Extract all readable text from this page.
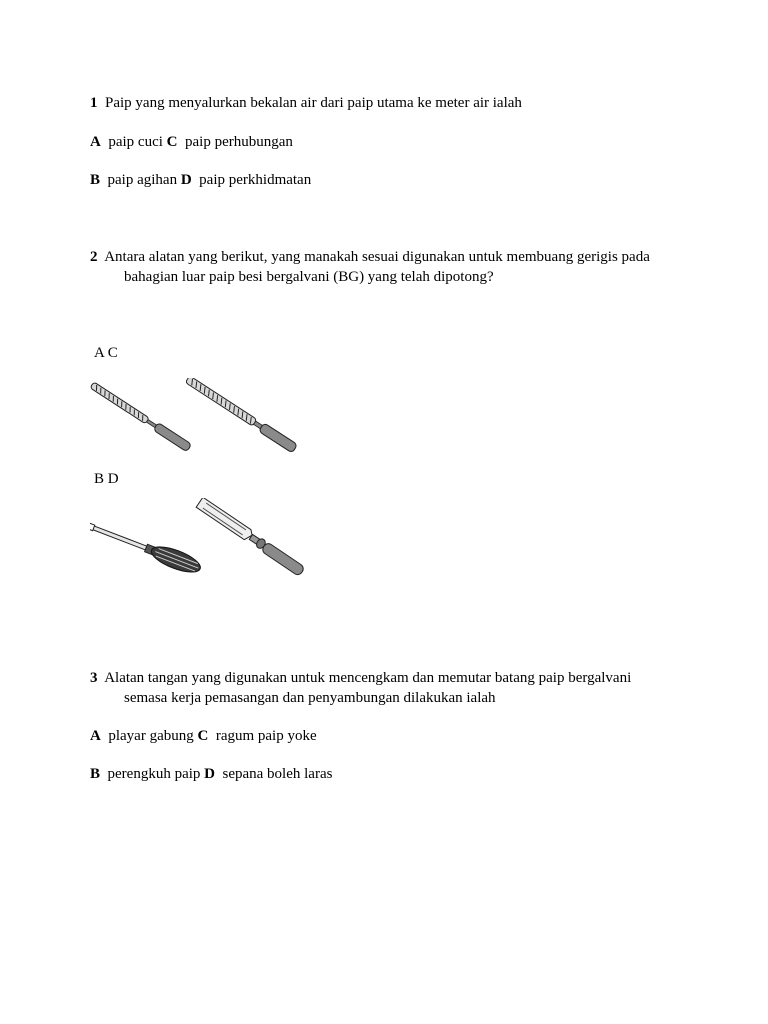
1 Paip yang menyalurkan bekalan air dari paip utama ke meter air ialah
A paip cuci C paip perhubungan
B paip agihan D paip perkhidmatan
2 Antara alatan yang berikut, yang manakah sesuai digunakan untuk membuang gerigis pada
bahagian luar paip besi bergalvani (BG) yang telah dipotong?
A C
B D
3 Alatan tangan yang digunakan untuk mencengkam dan memutar batang paip bergalvani
semasa kerja pemasangan dan penyambungan dilakukan ialah
A playar gabung C ragum paip yoke
B perengkuh paip D sepana boleh laras
